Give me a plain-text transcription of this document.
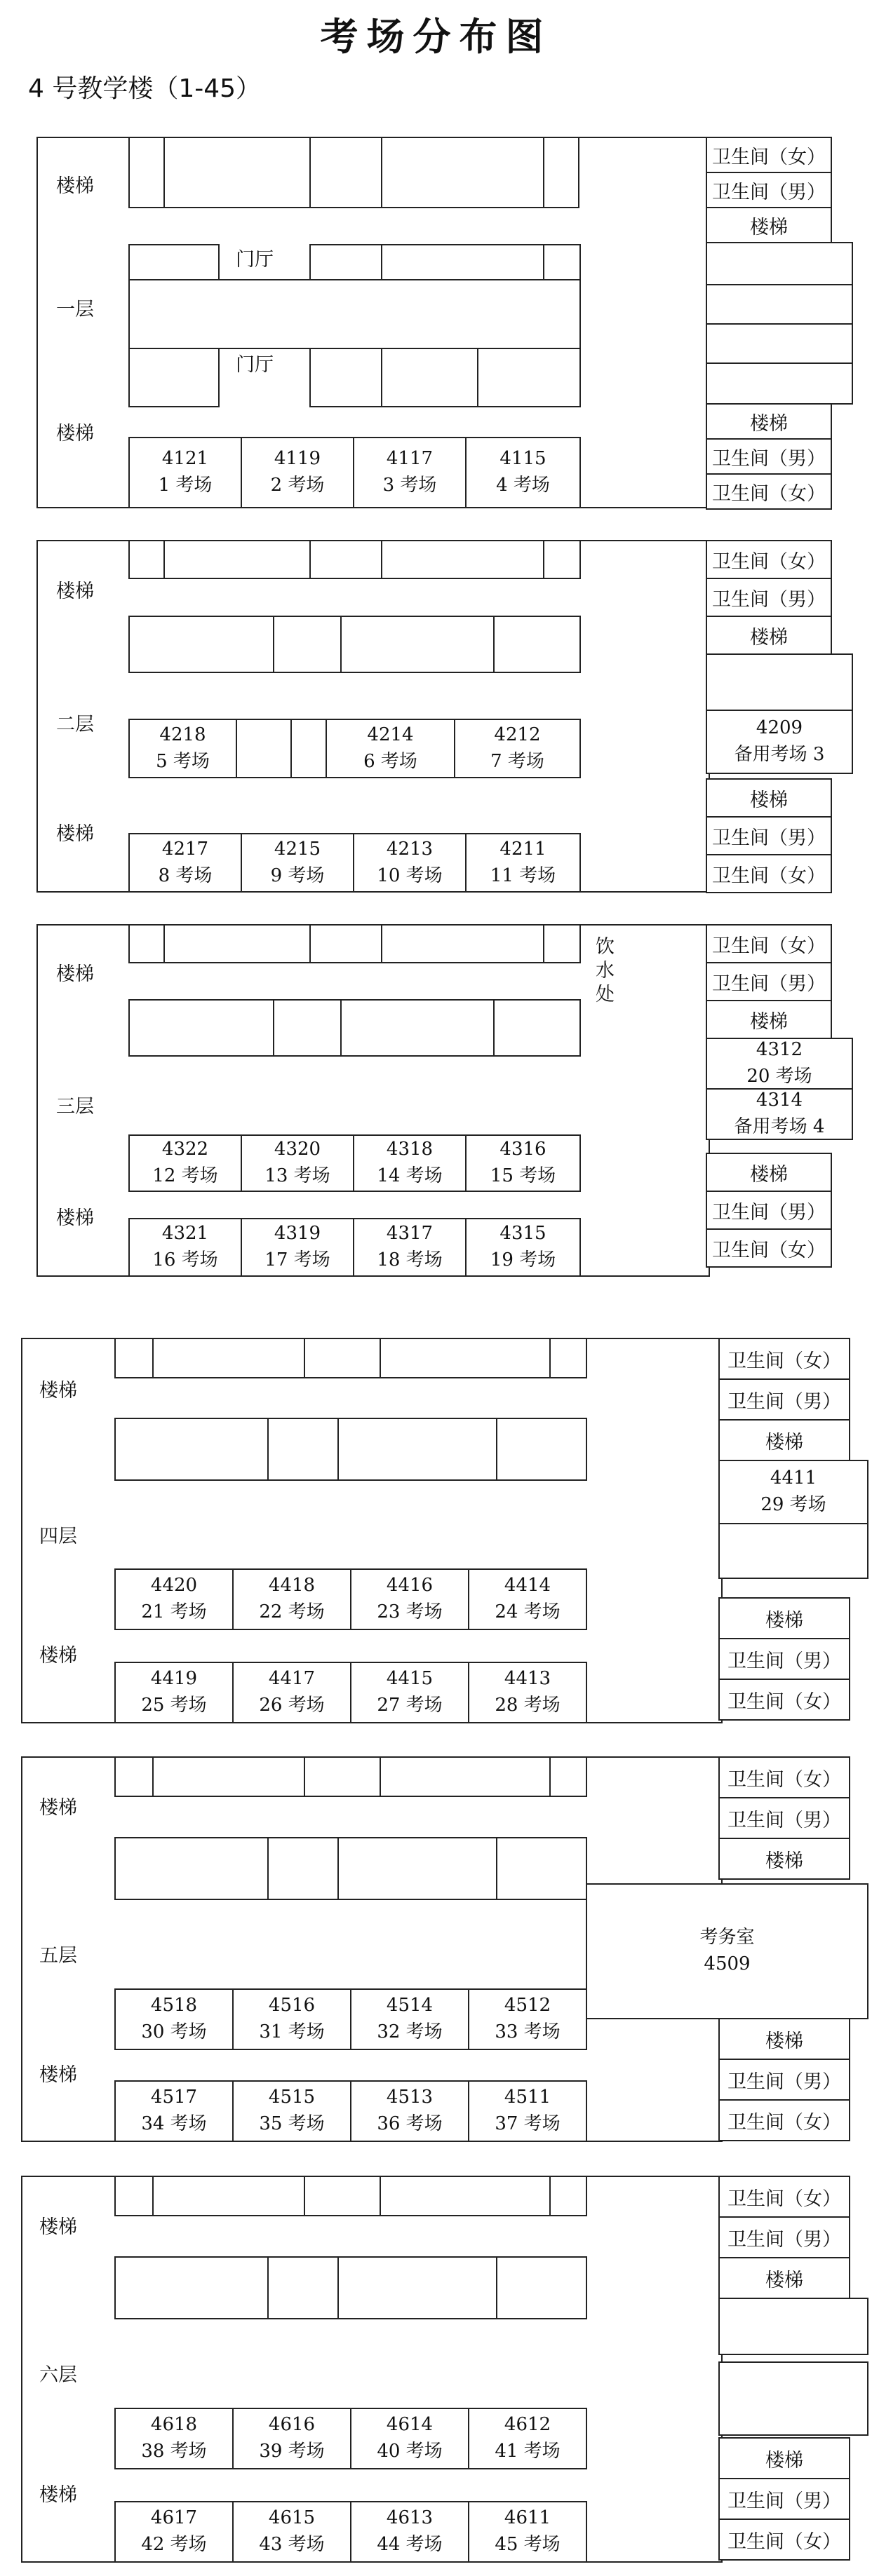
考场分布图
4 号教学楼（1-45）
楼梯
一层
楼梯
门厅
门厅
4121
1 考场
4119
2 考场
4117
3 考场
4115
4 考场
卫生间（女）
卫生间（男）
楼梯
楼梯
卫生间（男）
卫生间（女）
楼梯
二层
楼梯
4218
5 考场
4214
6 考场
4212
7 考场
4217
8 考场
4215
9 考场
4213
10 考场
4211
11 考场
卫生间（女）
卫生间（男）
楼梯
4209
备用考场 3
楼梯
卫生间（男）
卫生间（女）
楼梯
三层
楼梯
饮水处
4322
12 考场
4320
13 考场
4318
14 考场
4316
15 考场
4321
16 考场
4319
17 考场
4317
18 考场
4315
19 考场
卫生间（女）
卫生间（男）
楼梯
4312
20 考场
4314
备用考场 4
楼梯
卫生间（男）
卫生间（女）
楼梯
四层
楼梯
4420
21 考场
4418
22 考场
4416
23 考场
4414
24 考场
4419
25 考场
4417
26 考场
4415
27 考场
4413
28 考场
卫生间（女）
卫生间（男）
楼梯
4411
29 考场
楼梯
卫生间（男）
卫生间（女）
楼梯
五层
楼梯
考务室
4509
4518
30 考场
4516
31 考场
4514
32 考场
4512
33 考场
4517
34 考场
4515
35 考场
4513
36 考场
4511
37 考场
卫生间（女）
卫生间（男）
楼梯
楼梯
卫生间（男）
卫生间（女）
楼梯
六层
楼梯
4618
38 考场
4616
39 考场
4614
40 考场
4612
41 考场
4617
42 考场
4615
43 考场
4613
44 考场
4611
45 考场
卫生间（女）
卫生间（男）
楼梯
楼梯
卫生间（男）
卫生间（女）
